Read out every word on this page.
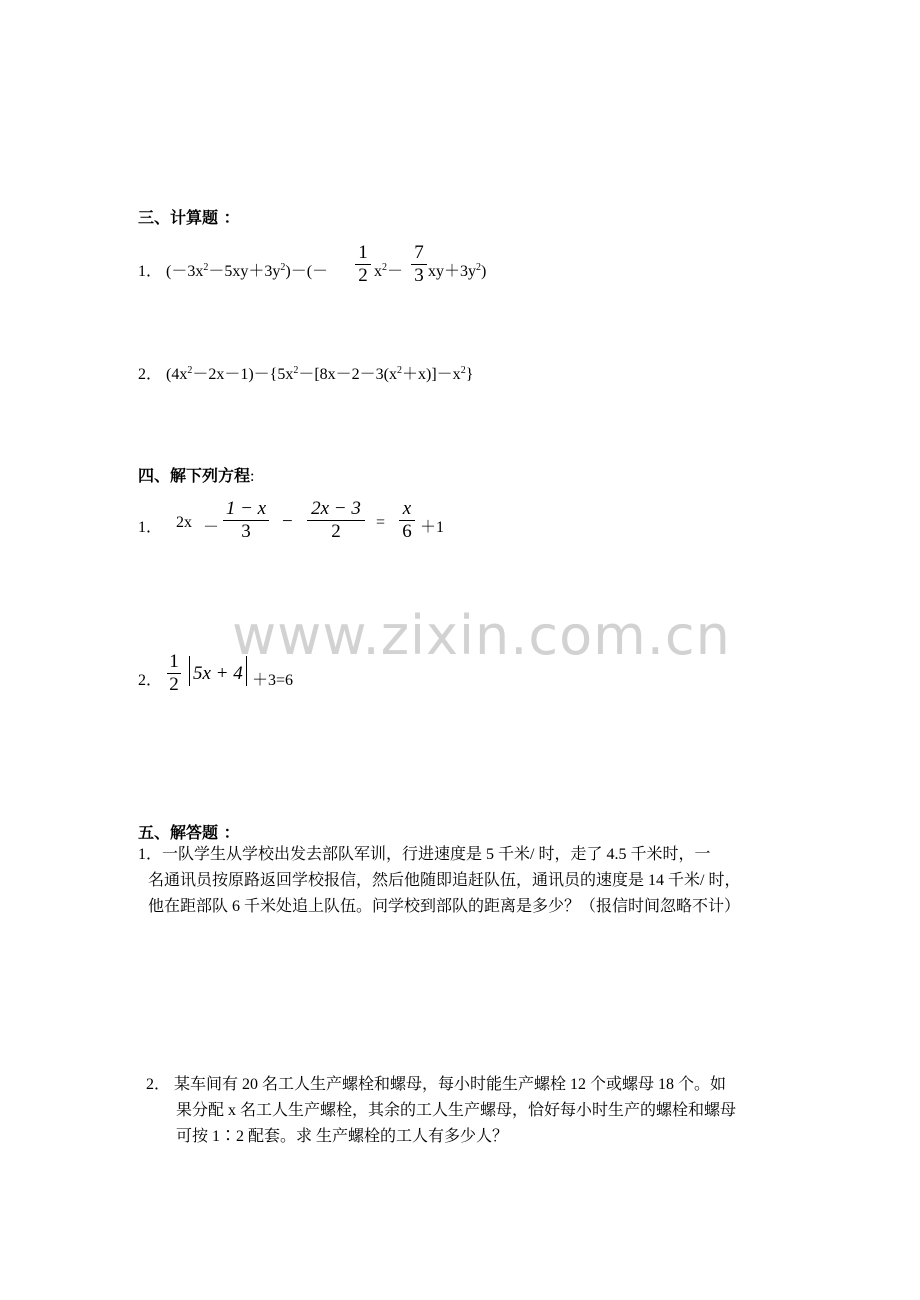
www.zixin.com.cn
三、计算题 ：
1． $(-3x^2-5xy+3y^2)-(-$
1
2 $x^2-$
7
3 $xy+3y^2$)
2． $(4x^2-2x-1)-\{5x^2-[8x-2-3(x^2+x)]-x^2\}$
四、解下列方程:
1． 2x －
1 − x
3	−
2x − 3
2	=
x
6 ＋1
2．
1
2
5x + 4 ＋3=6
五、解答题 ：
1．一队学生从学校出发去部队军训，行进速度是 5 千米/ 时，走了 4.5 千米时，一
名通讯员按原路返回学校报信，然后他随即追赶队伍，通讯员的速度是 14 千米/ 时，
他在距部队 6 千米处追上队伍。问学校到部队的距离是多少？（报信时间忽略不计）
2． 某车间有 20 名工人生产螺栓和螺母，每小时能生产螺栓 12 个或螺母 18 个。如
果分配 x 名工人生产螺栓，其余的工人生产螺母，恰好每小时生产的螺栓和螺母
可按 1∶2 配套。求 生产螺栓的工人有多少人？
